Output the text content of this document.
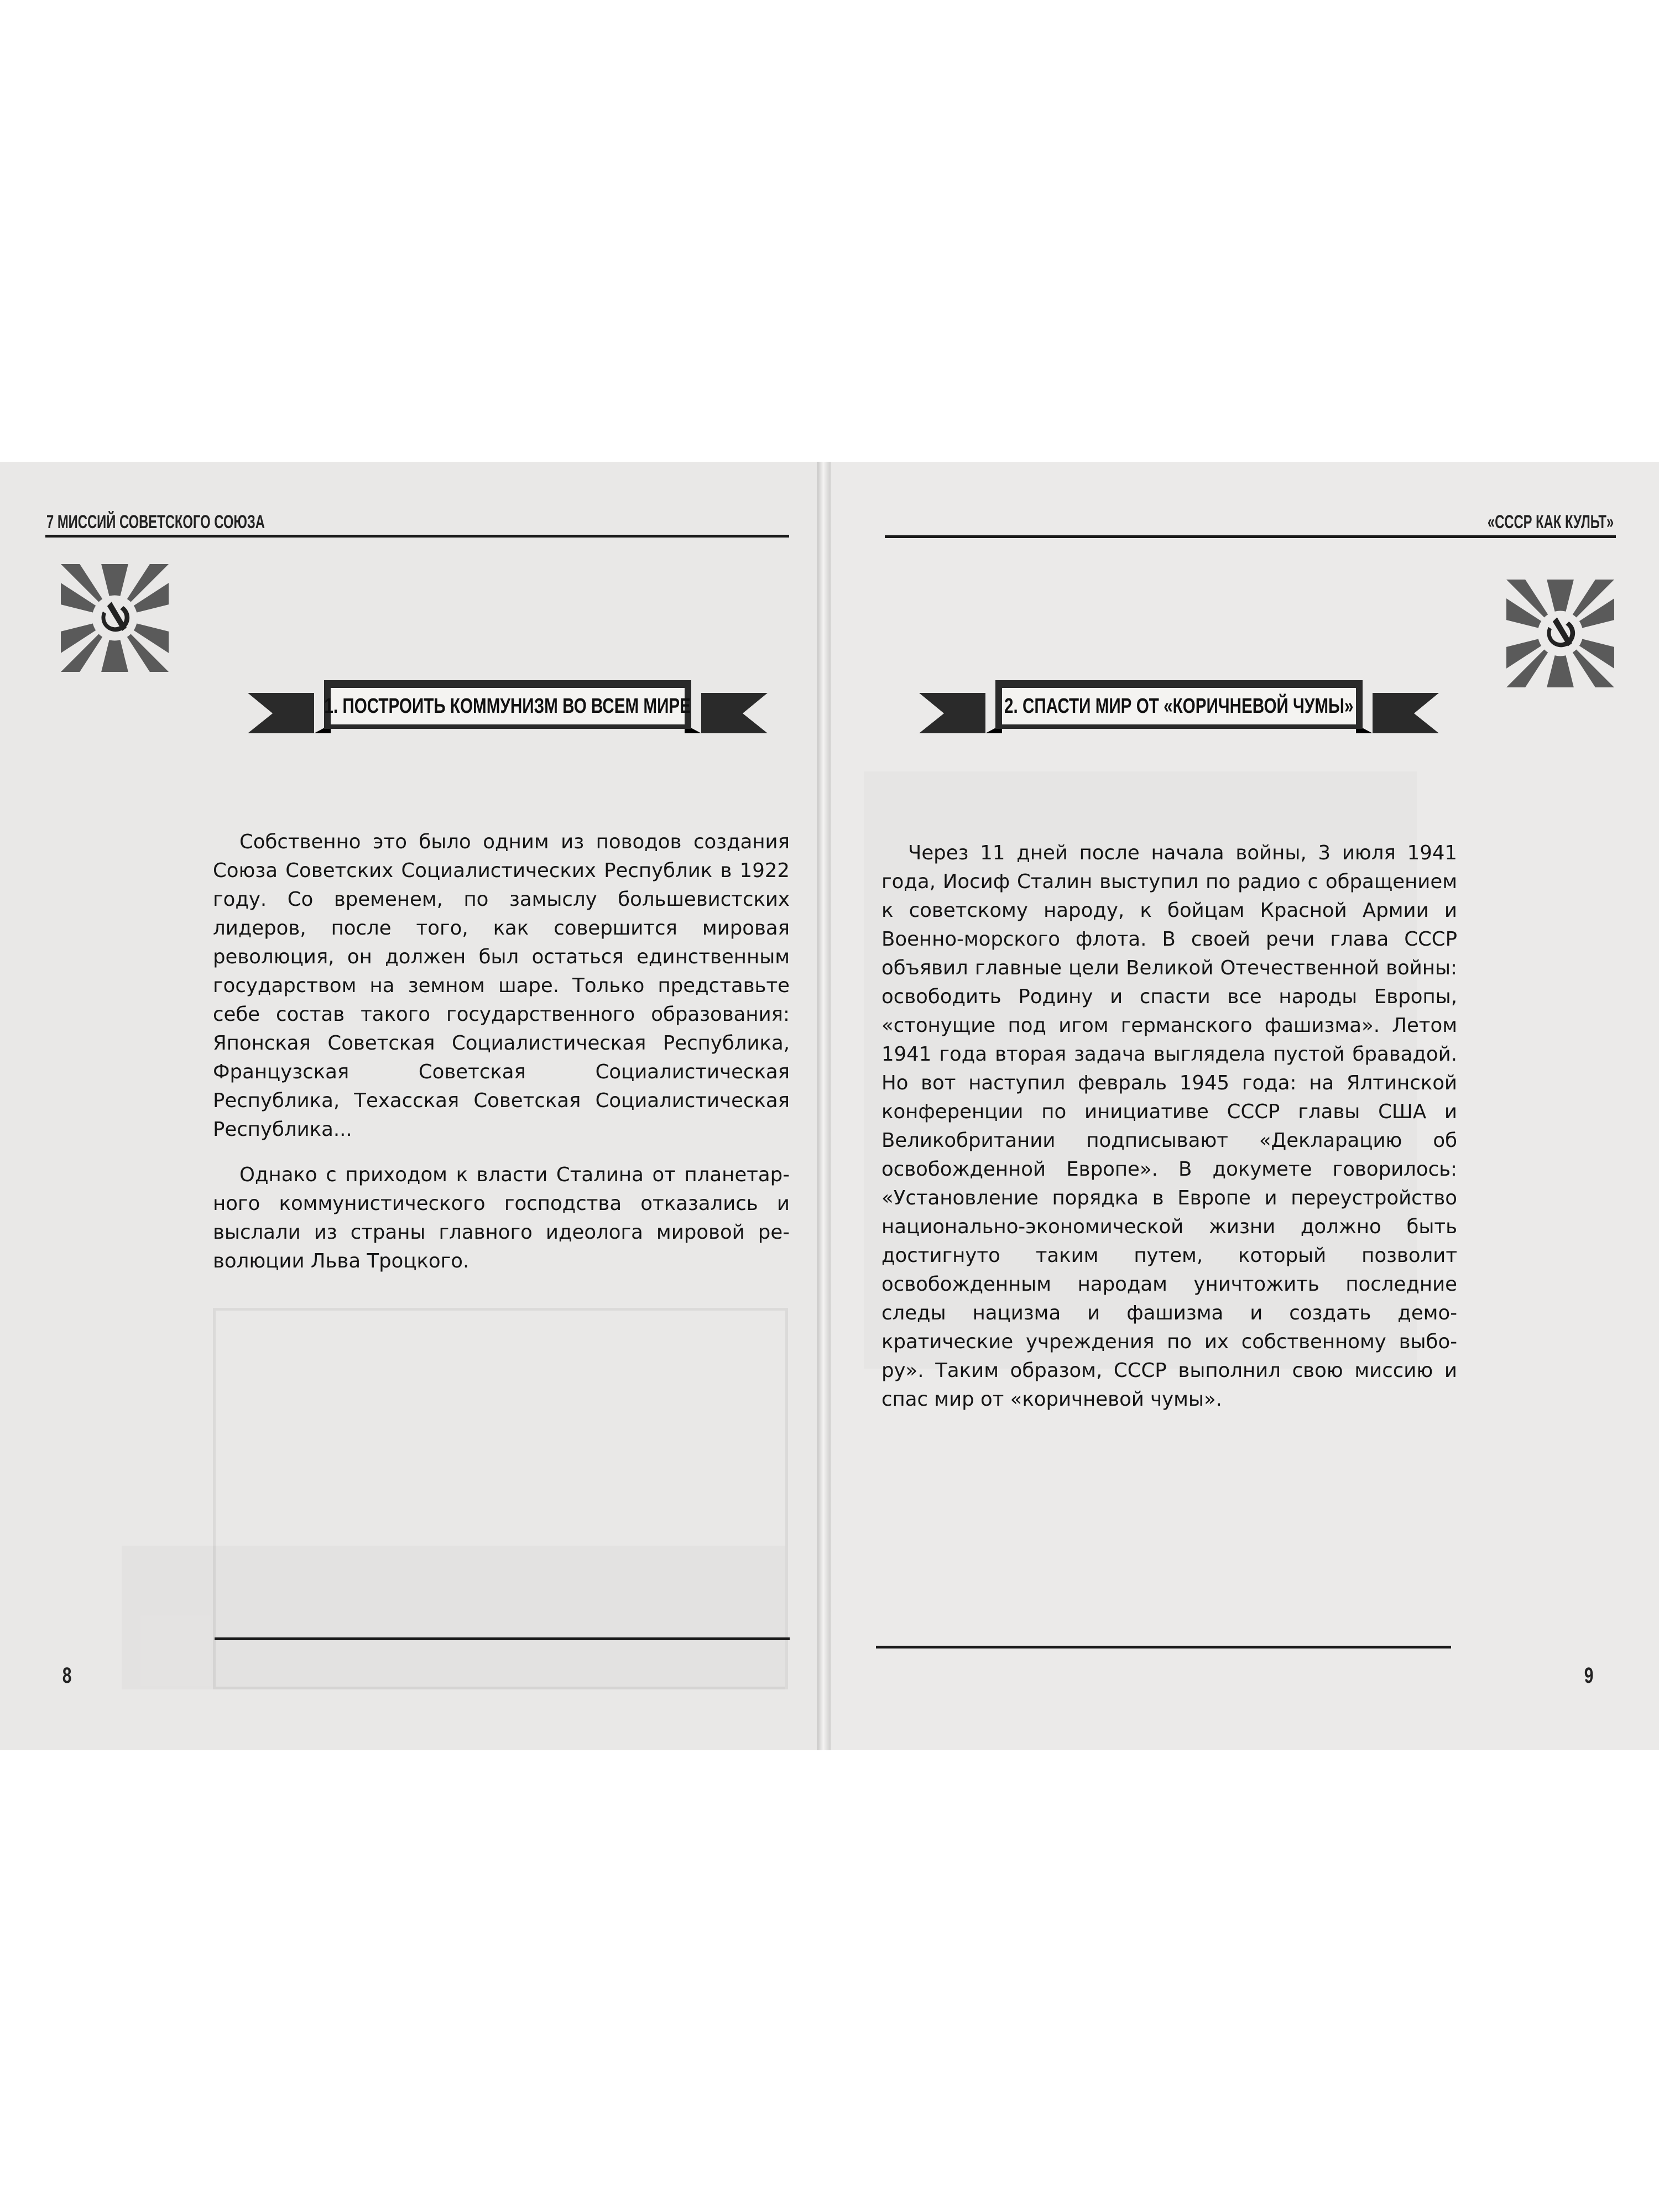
7 МИССИЙ СОВЕТСКОГО СОЮЗА	«СССР КАК КУЛЬТ»
1. ПОСТРОИТЬ КОММУНИЗМ ВО ВСЕМ МИРЕ	2. СПАСТИ МИР ОТ «КОРИЧНЕВОЙ ЧУМЫ»

Собственно это было одним из поводов создания Союза Советских Социалистических Республик в 1922 году. Со временем, по замыслу большевистских лидеров, после того, как совершится мировая революция, он должен был остаться единственным государством на земном шаре. Только представьте себе состав такого государственного образования: Японская Советская Социалистическая Республика, Французская Советская Социалистическая Республика, Техасская Советская Социалистическая Республика...

Однако с приходом к власти Сталина от планетарного коммунистического господства отказались и выслали из страны главного идеолога мировой революции Льва Троцкого.

Через 11 дней после начала войны, 3 июля 1941 года, Иосиф Сталин выступил по радио с обращением к советскому народу, к бойцам Красной Армии и Военно-морского флота. В своей речи глава СССР объявил главные цели Великой Отечественной войны: освободить Родину и спасти все народы Европы, «стонущие под игом германского фашизма». Летом 1941 года вторая задача выглядела пустой бравадой. Но вот наступил февраль 1945 года: на Ялтинской конференции по инициативе СССР главы США и Великобритании подписывают «Декларацию об освобожденной Европе». В докумете говорилось: «Установление порядка в Европе и переустройство национально-экономической жизни должно быть достигнуто таким путем, который позволит освобожденным народам уничтожить последние следы нацизма и фашизма и создать демократические учреждения по их собственному выбору». Таким образом, СССР выполнил свою миссию и спас мир от «коричневой чумы».

8	9
